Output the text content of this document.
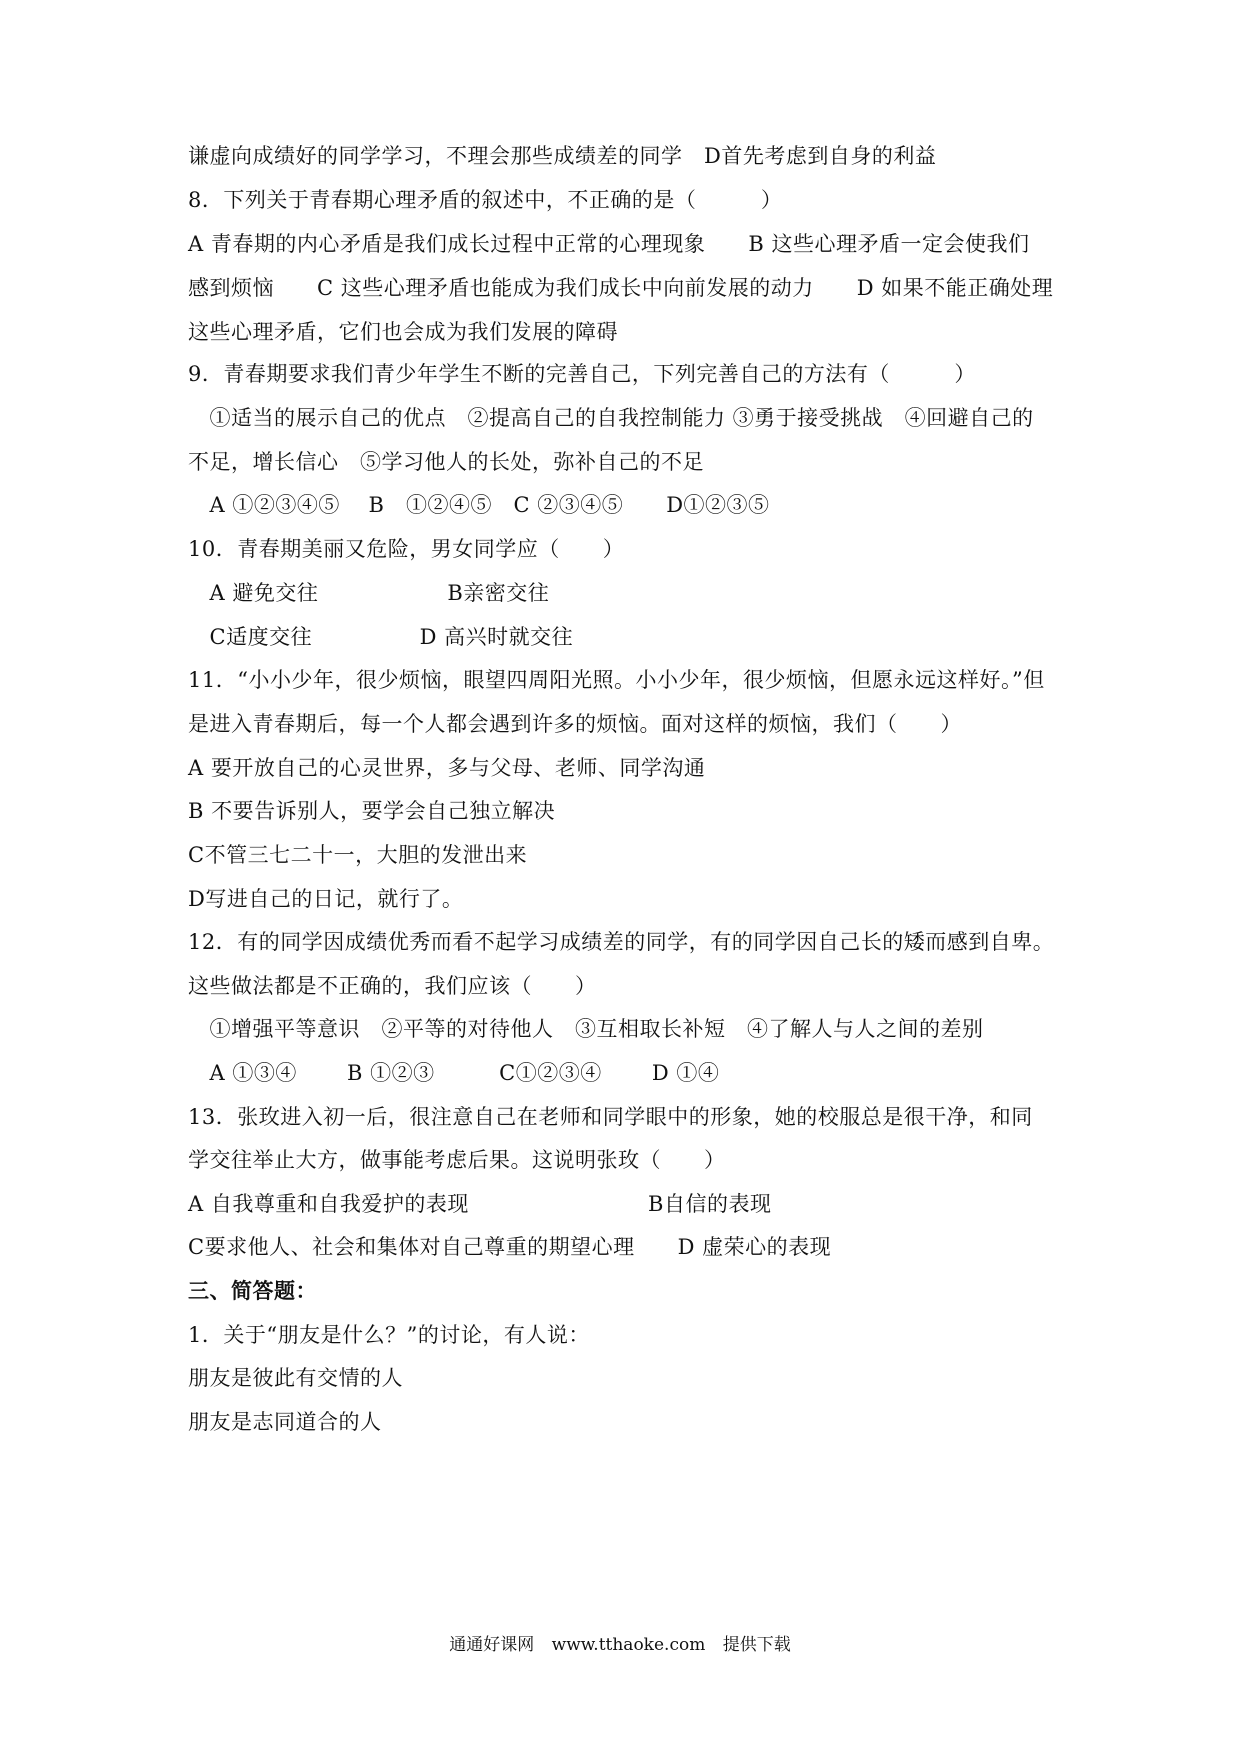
谦虚向成绩好的同学学习，不理会那些成绩差的同学　D首先考虑到自身的利益
8．下列关于青春期心理矛盾的叙述中，不正确的是（　　　）
A 青春期的内心矛盾是我们成长过程中正常的心理现象　　B 这些心理矛盾一定会使我们
感到烦恼　　C 这些心理矛盾也能成为我们成长中向前发展的动力　　D 如果不能正确处理
这些心理矛盾，它们也会成为我们发展的障碍
9．青春期要求我们青少年学生不断的完善自己，下列完善自己的方法有（　　　）
　①适当的展示自己的优点　②提高自己的自我控制能力 ③勇于接受挑战　④回避自己的
不足，增长信心　⑤学习他人的长处，弥补自己的不足
　A ①②③④⑤　 B　①②④⑤　C ②③④⑤　　D①②③⑤
10．青春期美丽又危险，男女同学应（　　）
　A 避免交往　　　　　　B亲密交往
　C适度交往　　　　　D 高兴时就交往
11．“小小少年，很少烦恼，眼望四周阳光照。小小少年，很少烦恼，但愿永远这样好。”但
是进入青春期后，每一个人都会遇到许多的烦恼。面对这样的烦恼，我们（　　）
A 要开放自己的心灵世界，多与父母、老师、同学沟通
B 不要告诉别人，要学会自己独立解决
C不管三七二十一，大胆的发泄出来
D写进自己的日记，就行了。
12．有的同学因成绩优秀而看不起学习成绩差的同学，有的同学因自己长的矮而感到自卑。
这些做法都是不正确的，我们应该（　　）
　①增强平等意识　②平等的对待他人　③互相取长补短　④了解人与人之间的差别
　A ①③④　　 B ①②③　　　C①②③④　　 D ①④
13．张玫进入初一后，很注意自己在老师和同学眼中的形象，她的校服总是很干净，和同
学交往举止大方，做事能考虑后果。这说明张玫（　　）
A 自我尊重和自我爱护的表现　　　　　　　　 B自信的表现
C要求他人、社会和集体对自己尊重的期望心理　　D 虚荣心的表现
三、简答题：
1．关于“朋友是什么？”的讨论，有人说：
朋友是彼此有交情的人
朋友是志同道合的人
通通好课网 www.tthaoke.com 提供下载
